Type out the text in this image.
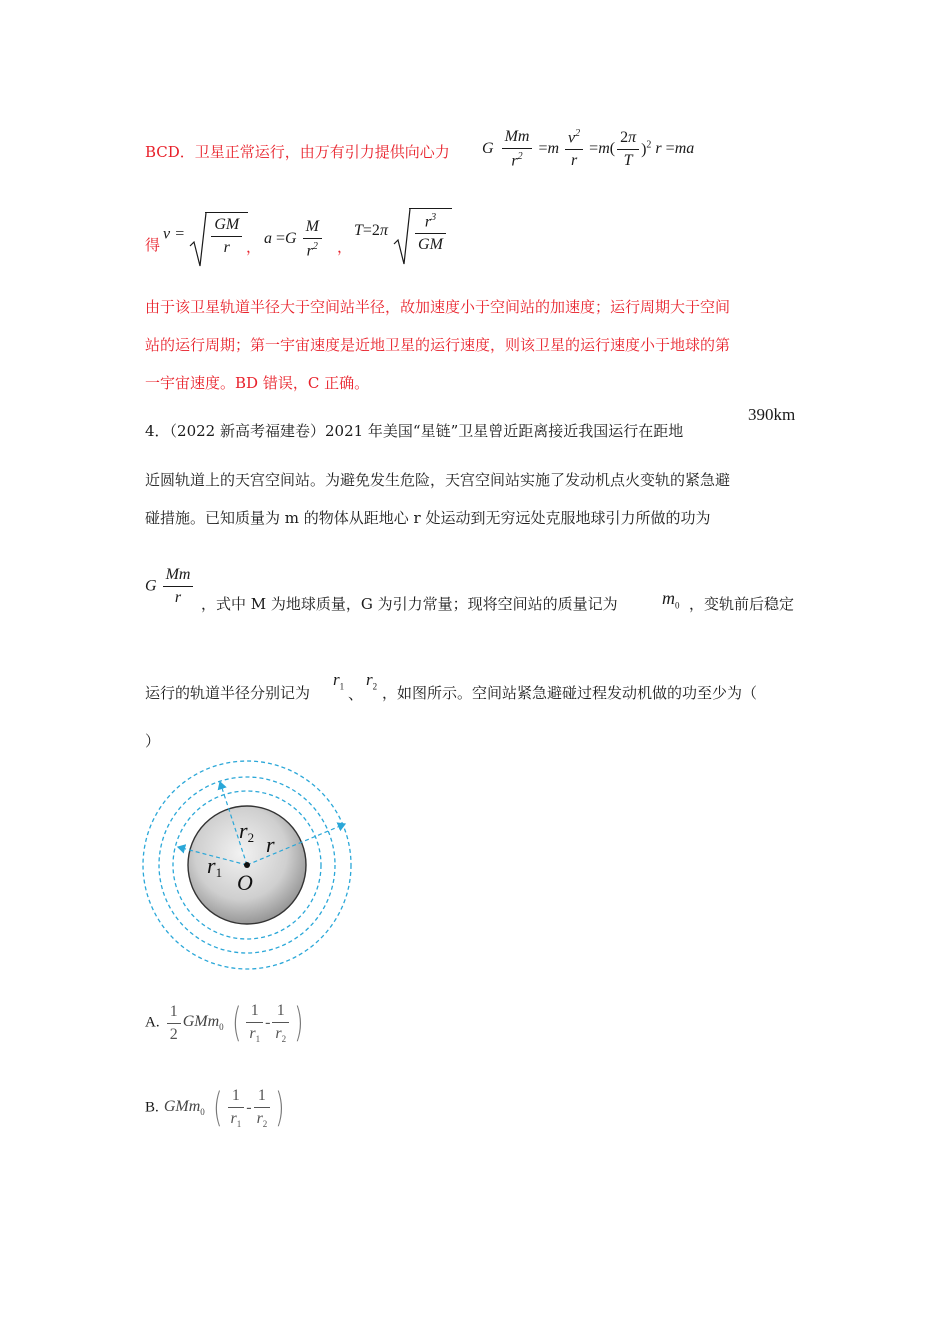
BCD．卫星正常运行，由万有引力提供向心力 G $\frac{Mm}{r^2} =m \frac{v^2}{r} =m( \frac{2\pi}{T} )^2$ r =ma
得
$v = \frac{GM}{r}$ ， $a =G \frac{M}{r^2}$ ，
$T=2\pi \frac{r^3}{GM}$
由于该卫星轨道半径大于空间站半径，故加速度小于空间站的加速度；运行周期大于空间
站的运行周期；第一宇宙速度是近地卫星的运行速度，则该卫星的运行速度小于地球的第
一宇宙速度。BD 错误，C 正确。
4．（2022 新高考福建卷）2021 年美国“星链”卫星曾近距离接近我国运行在距地
390km
近圆轨道上的天宫空间站。为避免发生危险，天宫空间站实施了发动机点火变轨的紧急避
碰措施。已知质量为 m 的物体从距地心 r 处运动到无穷远处克服地球引力所做的功为
G $\frac{Mm}{r}$ ，式中 M 为地球质量，G 为引力常量；现将空间站的质量记为 $m_0$ ，变轨前后稳定
运行的轨道半径分别记为
$r_1$ 、
$r_2$ ，如图所示。空间站紧急避碰过程发动机做的功至少为（
）
r1
r2 r
O
A. $\frac{1}{2} GMm_0$ ( $\frac{1}{r_1} - \frac{1}{r_2}$ )
B. GMm$_0$ ( $\frac{1}{r_1} - \frac{1}{r_2}$ )
